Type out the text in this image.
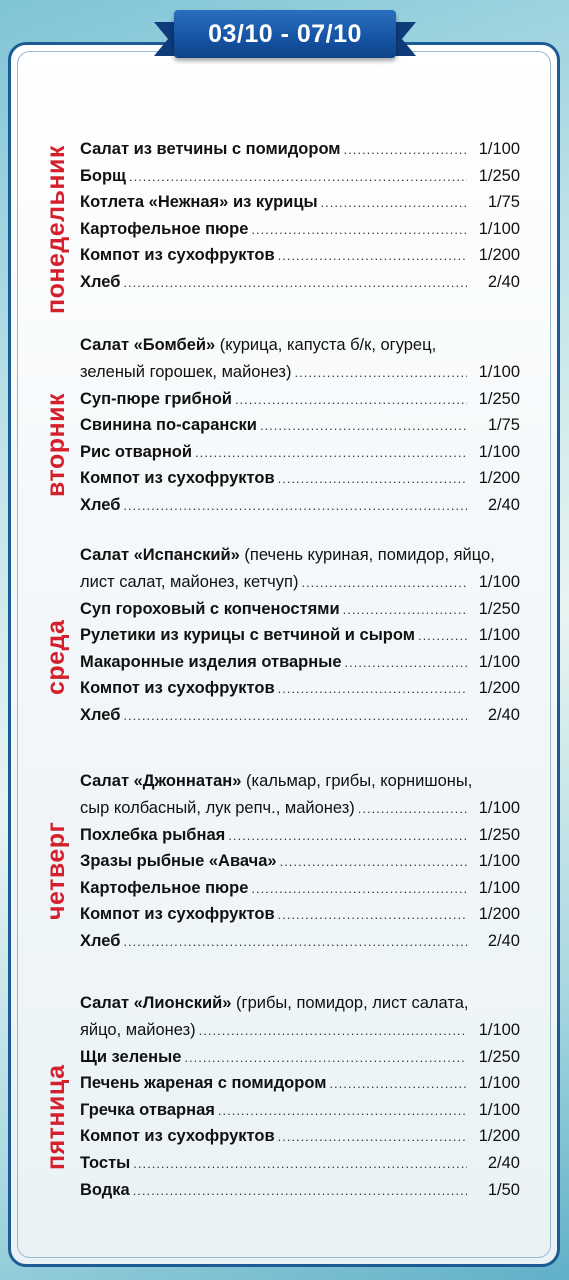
03/10 - 07/10
понедельник Салат из ветчины с помидором .....	1/100
Борщ .....	1/250
Котлета «Нежная» из курицы .....	1/75
Картофельное пюре .....	1/100
Компот из сухофруктов .....	1/200
Хлеб .....	2/40
вторник
Салат «Бомбей» (курица, капуста б/к, огурец,
зеленый горошек, майонез) .....	1/100
Суп-пюре грибной .....	1/250
Свинина по-сарански .....	1/75
Рис отварной .....	1/100
Компот из сухофруктов .....	1/200
Хлеб .....	2/40
среда
Салат «Испанский» (печень куриная, помидор, яйцо,
лист салат, майонез, кетчуп) .....	1/100
Суп гороховый с копченостями .....	1/250
Рулетики из курицы с ветчиной и сыром .....	1/100
Макаронные изделия отварные .....	1/100
Компот из сухофруктов .....	1/200
Хлеб .....	2/40
четверг
Салат «Джоннатан» (кальмар, грибы, корнишоны,
сыр колбасный, лук репч., майонез) .....	1/100
Похлебка рыбная .....	1/250
Зразы рыбные «Авача» .....	1/100
Картофельное пюре .....	1/100
Компот из сухофруктов .....	1/200
Хлеб .....	2/40
пятница
Салат «Лионский» (грибы, помидор, лист салата,
яйцо, майонез) .....	1/100
Щи зеленые .....	1/250
Печень жареная с помидором .....	1/100
Гречка отварная .....	1/100
Компот из сухофруктов .....	1/200
Тосты .....	2/40
Водка .....	1/50
